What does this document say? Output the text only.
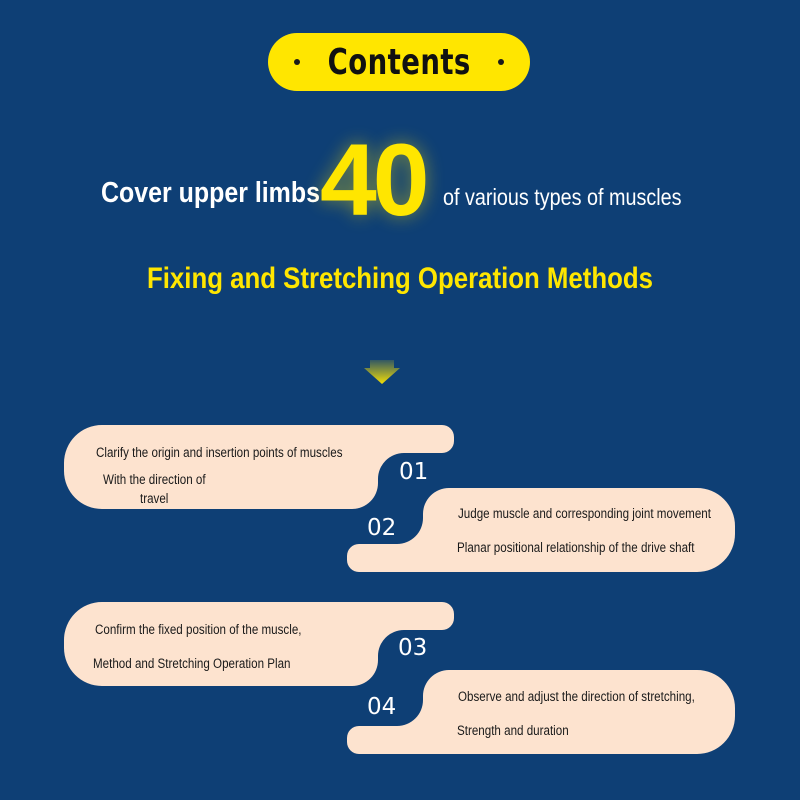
Contents
Cover upper limbs 40 of various types of muscles
Fixing and Stretching Operation Methods
Clarify the origin and insertion points of muscles
With the direction of
travel
01
Judge muscle and corresponding joint movement
Planar positional relationship of the drive shaft
02
Confirm the fixed position of the muscle,
Method and Stretching Operation Plan
03
Observe and adjust the direction of stretching,
Strength and duration
04
